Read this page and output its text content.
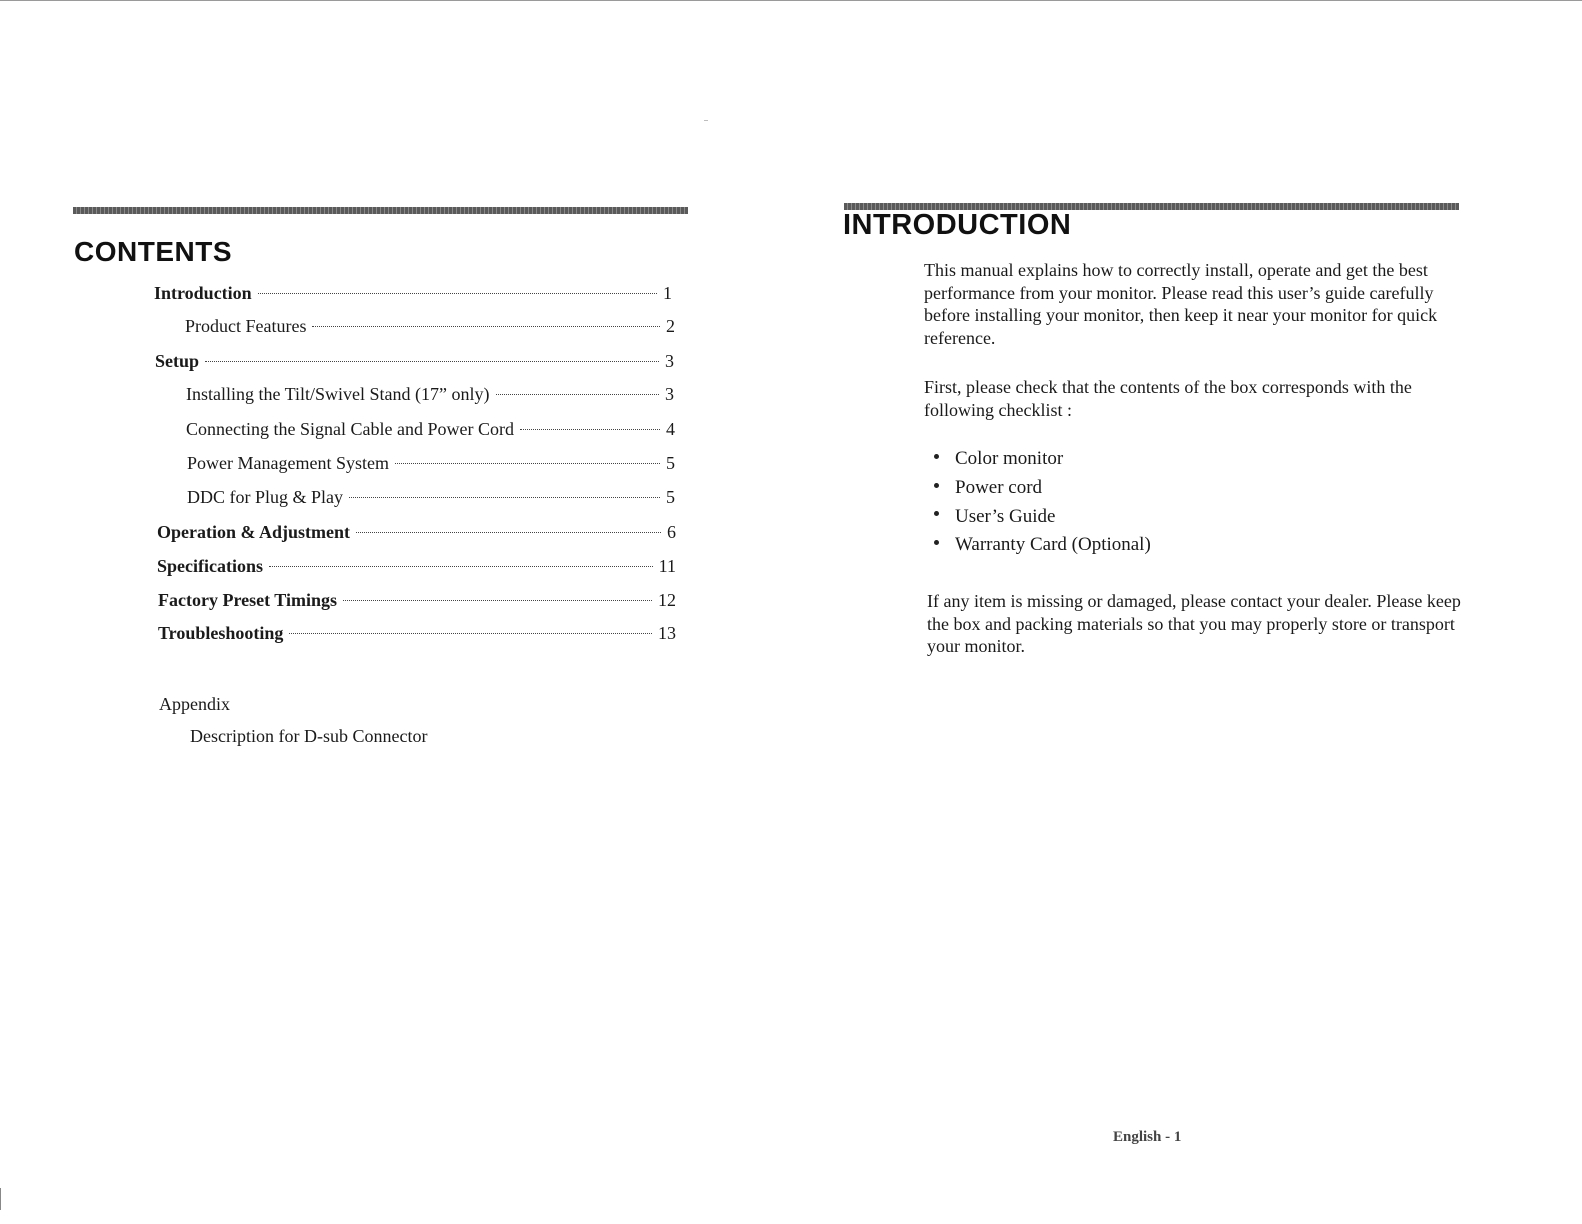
CONTENTS
Introduction	1
Product Features	2
Setup	3
Installing the Tilt/Swivel Stand (17” only)	3
Connecting the Signal Cable and Power Cord	4
Power Management System	5
DDC for Plug & Play	5
Operation & Adjustment	6
Specifications	11
Factory Preset Timings	12
Troubleshooting	13
Appendix
Description for D-sub Connector
INTRODUCTION

This manual explains how to correctly install, operate and get the best performance from your monitor. Please read this user’s guide carefully before installing your monitor, then keep it near your monitor for quick reference.

First, please check that the contents of the box corresponds with the following checklist :

Color monitor
Power cord
User’s Guide
Warranty Card (Optional)

If any item is missing or damaged, please contact your dealer. Please keep the box and packing materials so that you may properly store or transport your monitor.

English - 1
